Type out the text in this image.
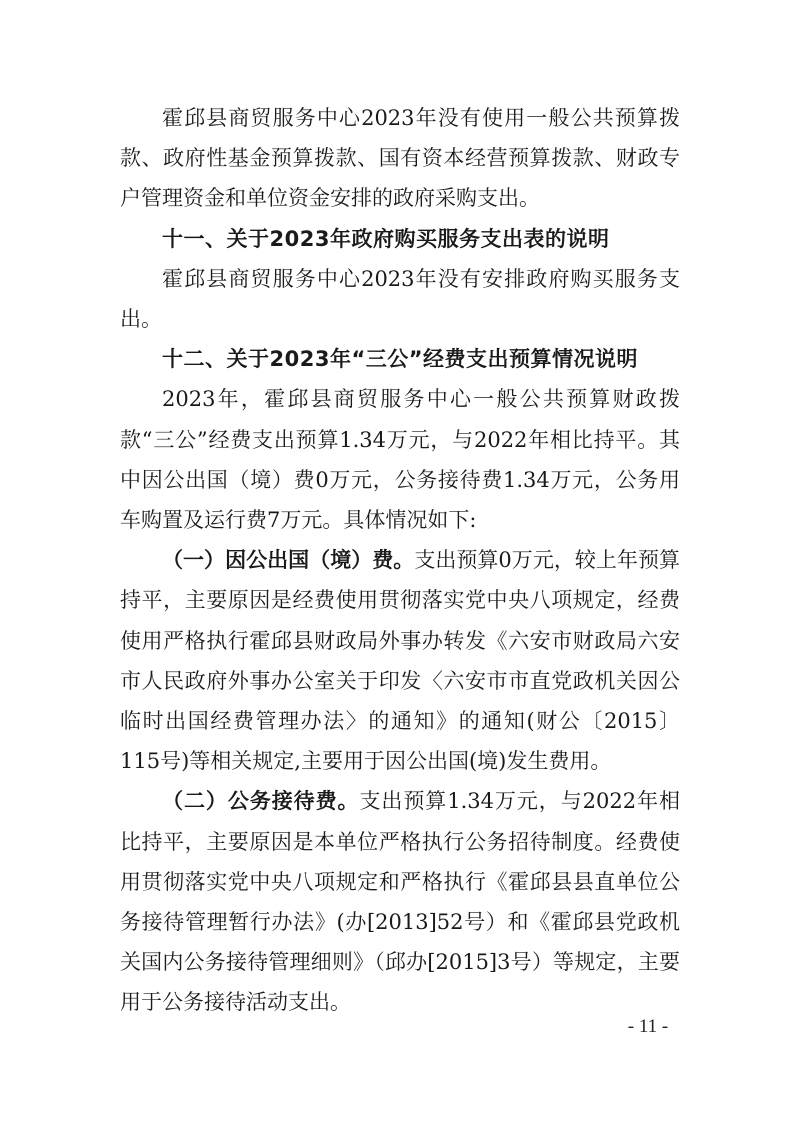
霍邱县商贸服务中心2023年没有使用一般公共预算拨款、政府性基金预算拨款、国有资本经营预算拨款、财政专户管理资金和单位资金安排的政府采购支出。

十一、关于2023年政府购买服务支出表的说明

霍邱县商贸服务中心2023年没有安排政府购买服务支出。

十二、关于2023年“三公”经费支出预算情况说明

2023年，霍邱县商贸服务中心一般公共预算财政拨款“三公”经费支出预算1.34万元，与2022年相比持平。其中因公出国（境）费0万元，公务接待费1.34万元，公务用车购置及运行费7万元。具体情况如下:

（一）因公出国（境）费。支出预算0万元，较上年预算持平，主要原因是经费使用贯彻落实党中央八项规定，经费使用严格执行霍邱县财政局外事办转发《六安市财政局六安市人民政府外事办公室关于印发〈六安市市直党政机关因公临时出国经费管理办法〉的通知》的通知(财公〔2015〕115号)等相关规定,主要用于因公出国(境)发生费用。

（二）公务接待费。支出预算1.34万元，与2022年相比持平，主要原因是本单位严格执行公务招待制度。经费使用贯彻落实党中央八项规定和严格执行《霍邱县县直单位公务接待管理暂行办法》(办[2013]52号）和《霍邱县党政机关国内公务接待管理细则》（邱办[2015]3号）等规定，主要用于公务接待活动支出。

- 11 -
